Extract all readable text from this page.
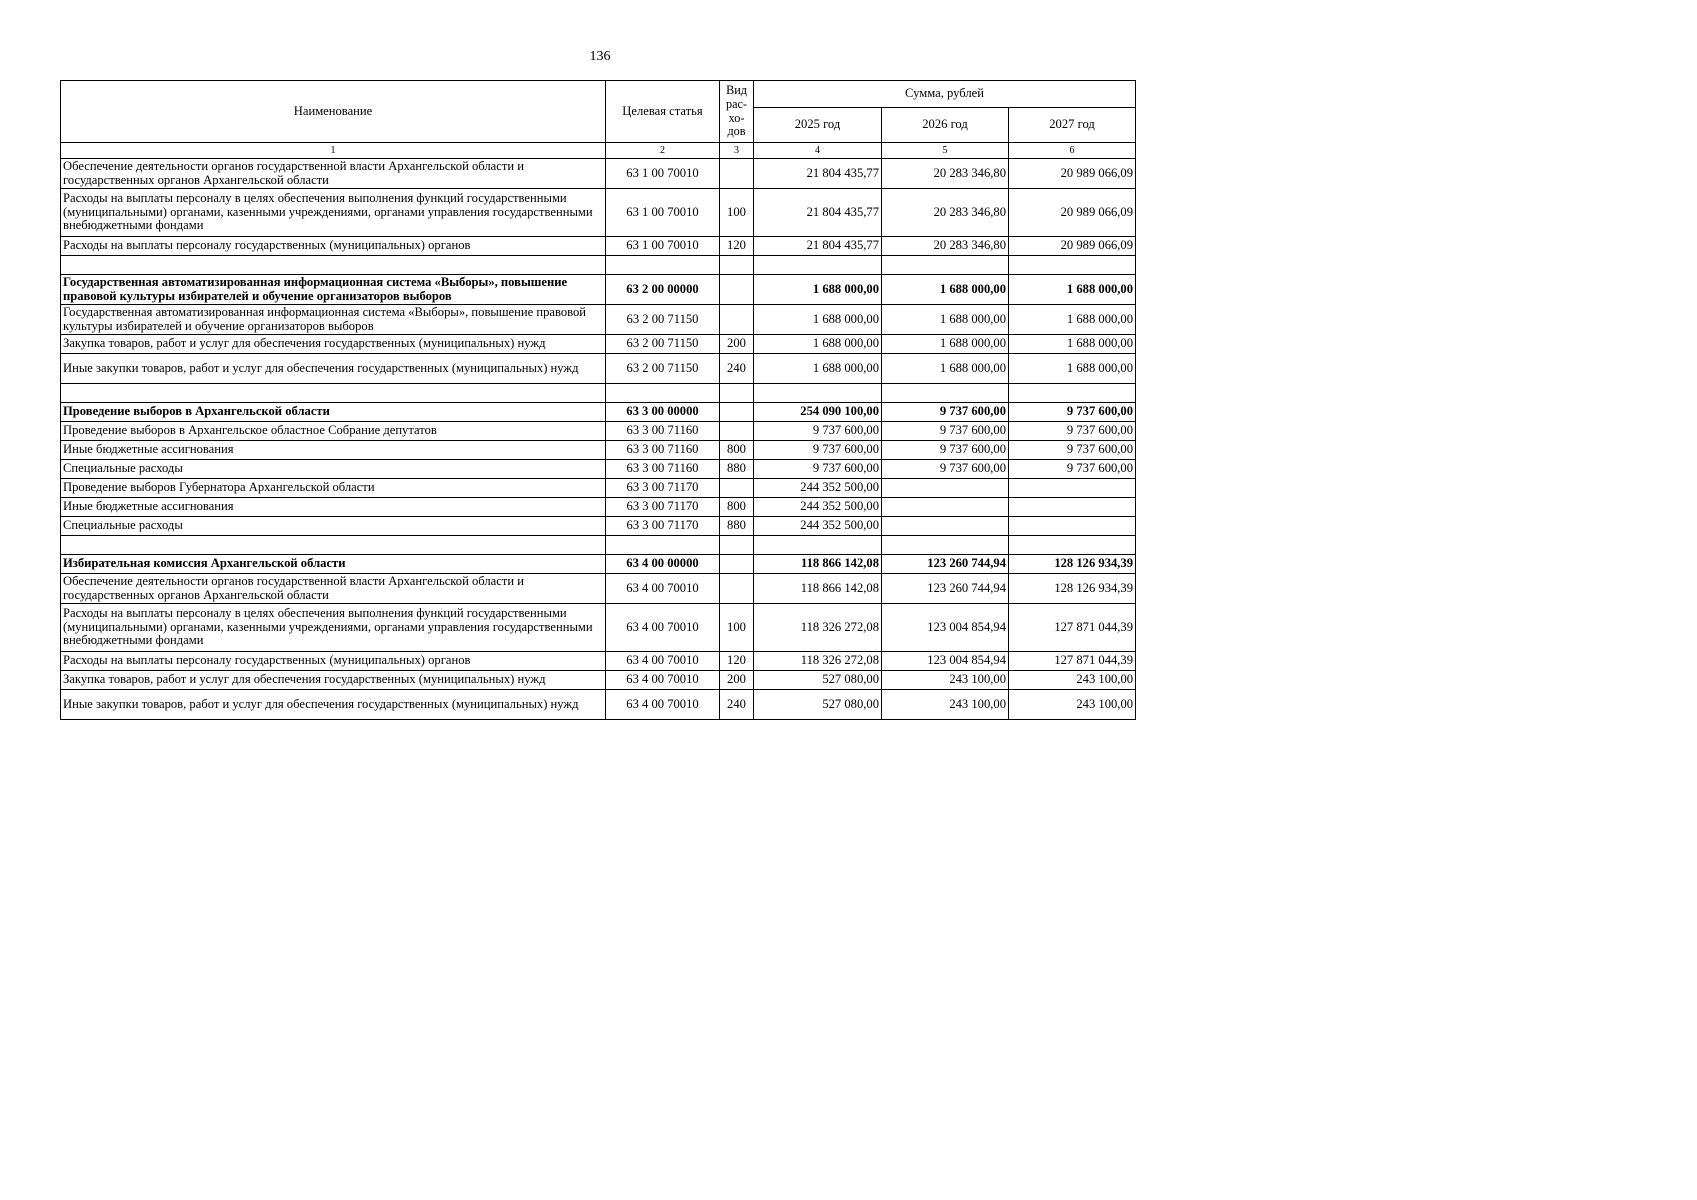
136
Наименование	Целевая статья	Вид рас-хо-дов	Сумма, рублей		
			2025 год	2026 год	2027 год
1	2	3	4	5	6
Обеспечение деятельности органов государственной власти Архангельской области и государственных органов Архангельской области	63 1 00 70010		21 804 435,77	20 283 346,80	20 989 066,09
Расходы на выплаты персоналу в целях обеспечения выполнения функций государственными (муниципальными) органами, казенными учреждениями, органами управления государственными внебюджетными фондами	63 1 00 70010	100	21 804 435,77	20 283 346,80	20 989 066,09
Расходы на выплаты персоналу государственных (муниципальных) органов	63 1 00 70010	120	21 804 435,77	20 283 346,80	20 989 066,09

Государственная автоматизированная информационная система «Выборы», повышение правовой культуры избирателей и обучение организаторов выборов	63 2 00 00000		1 688 000,00	1 688 000,00	1 688 000,00
Государственная автоматизированная информационная система «Выборы», повышение правовой культуры избирателей и обучение организаторов выборов	63 2 00 71150		1 688 000,00	1 688 000,00	1 688 000,00
Закупка товаров, работ и услуг для обеспечения государственных (муниципальных) нужд	63 2 00 71150	200	1 688 000,00	1 688 000,00	1 688 000,00
Иные закупки товаров, работ и услуг для обеспечения государственных (муниципальных) нужд	63 2 00 71150	240	1 688 000,00	1 688 000,00	1 688 000,00

Проведение выборов в Архангельской области	63 3 00 00000		254 090 100,00	9 737 600,00	9 737 600,00
Проведение выборов в Архангельское областное Собрание депутатов	63 3 00 71160		9 737 600,00	9 737 600,00	9 737 600,00
Иные бюджетные ассигнования	63 3 00 71160	800	9 737 600,00	9 737 600,00	9 737 600,00
Специальные расходы	63 3 00 71160	880	9 737 600,00	9 737 600,00	9 737 600,00
Проведение выборов Губернатора Архангельской области	63 3 00 71170		244 352 500,00		
Иные бюджетные ассигнования	63 3 00 71170	800	244 352 500,00		
Специальные расходы	63 3 00 71170	880	244 352 500,00		

Избирательная комиссия Архангельской области	63 4 00 00000		118 866 142,08	123 260 744,94	128 126 934,39
Обеспечение деятельности органов государственной власти Архангельской области и государственных органов Архангельской области	63 4 00 70010		118 866 142,08	123 260 744,94	128 126 934,39
Расходы на выплаты персоналу в целях обеспечения выполнения функций государственными (муниципальными) органами, казенными учреждениями, органами управления государственными внебюджетными фондами	63 4 00 70010	100	118 326 272,08	123 004 854,94	127 871 044,39
Расходы на выплаты персоналу государственных (муниципальных) органов	63 4 00 70010	120	118 326 272,08	123 004 854,94	127 871 044,39
Закупка товаров, работ и услуг для обеспечения государственных (муниципальных) нужд	63 4 00 70010	200	527 080,00	243 100,00	243 100,00
Иные закупки товаров, работ и услуг для обеспечения государственных (муниципальных) нужд	63 4 00 70010	240	527 080,00	243 100,00	243 100,00
